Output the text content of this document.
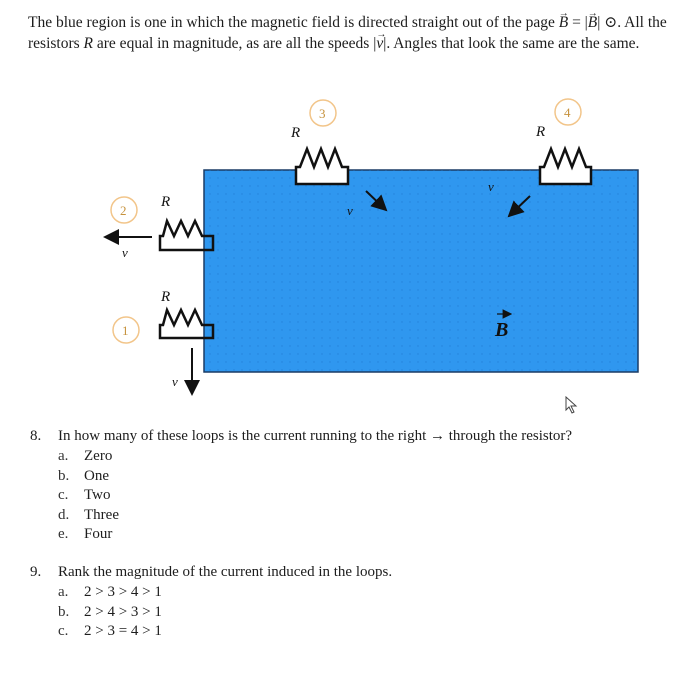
The blue region is one in which the magnetic field is directed straight out of the page → B = |→ B| ⊙. All the resistors R are equal in magnitude, as are all the speeds |→ v|. Angles that look the same are the same.

B
R
3
v
R
4
v
R
2
v
R
1
v
8.	In how many of these loops is the current running to the right → through the resistor?
a.	Zero
b. One
c.	Two
d. Three
e.	Four
9.	Rank the magnitude of the current induced in the loops.
a.	2 > 3 > 4 > 1
b. 2 > 4 > 3 > 1
c.	2 > 3 = 4 > 1
